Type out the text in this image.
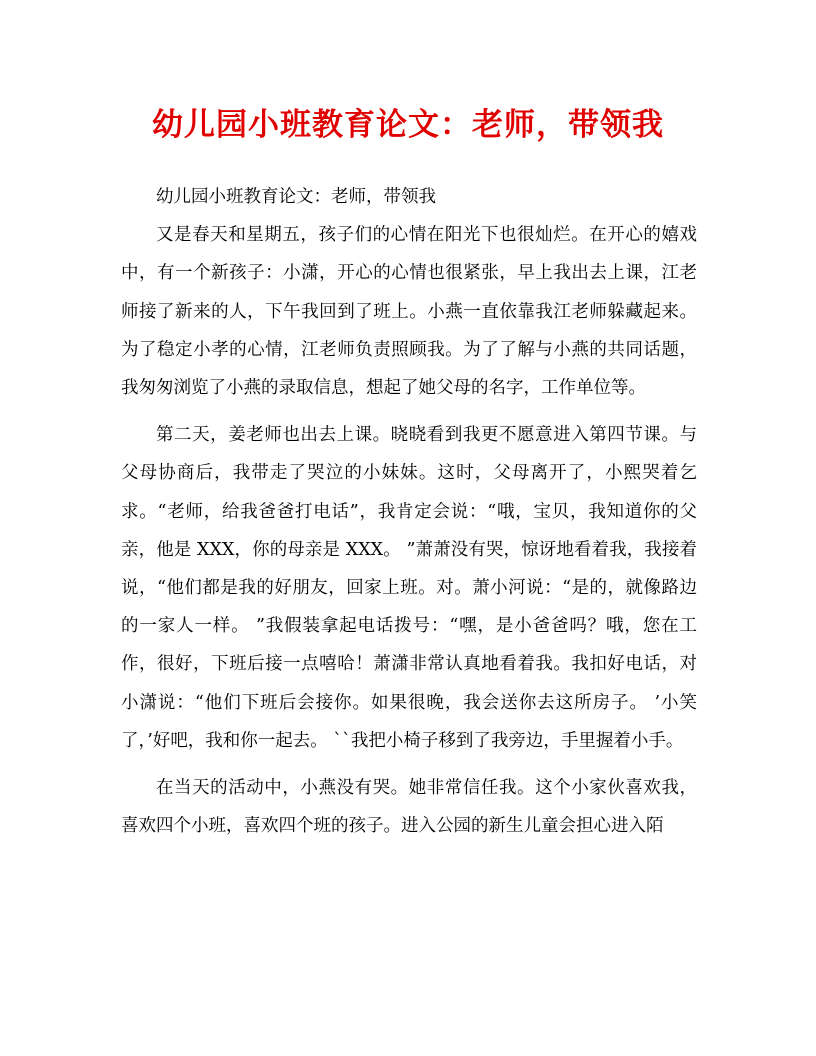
幼儿园小班教育论文：老师，带领我

幼儿园小班教育论文：老师，带领我

又是春天和星期五，孩子们的心情在阳光下也很灿烂。在开心的嬉戏中，有一个新孩子：小潇，开心的心情也很紧张，早上我出去上课，江老师接了新来的人，下午我回到了班上。小燕一直依靠我江老师躲藏起来。为了稳定小孝的心情，江老师负责照顾我。为了了解与小燕的共同话题，我匆匆浏览了小燕的录取信息，想起了她父母的名字，工作单位等。

第二天，姜老师也出去上课。晓晓看到我更不愿意进入第四节课。与父母协商后，我带走了哭泣的小妹妹。这时，父母离开了，小熙哭着乞求。“老师，给我爸爸打电话”，我肯定会说：“哦，宝贝，我知道你的父亲，他是 XXX，你的母亲是 XXX。 ”萧萧没有哭，惊讶地看着我，我接着说，“他们都是我的好朋友，回家上班。对。萧小河说：“是的，就像路边的一家人一样。 ”我假装拿起电话拨号：“嘿，是小爸爸吗？哦，您在工作，很好，下班后接一点嘻哈！萧潇非常认真地看着我。我扣好电话，对小潇说：“他们下班后会接你。如果很晚，我会送你去这所房子。 ’小笑了，’好吧，我和你一起去。 ``我把小椅子移到了我旁边，手里握着小手。

在当天的活动中，小燕没有哭。她非常信任我。这个小家伙喜欢我，喜欢四个小班，喜欢四个班的孩子。进入公园的新生儿童会担心进入陌
